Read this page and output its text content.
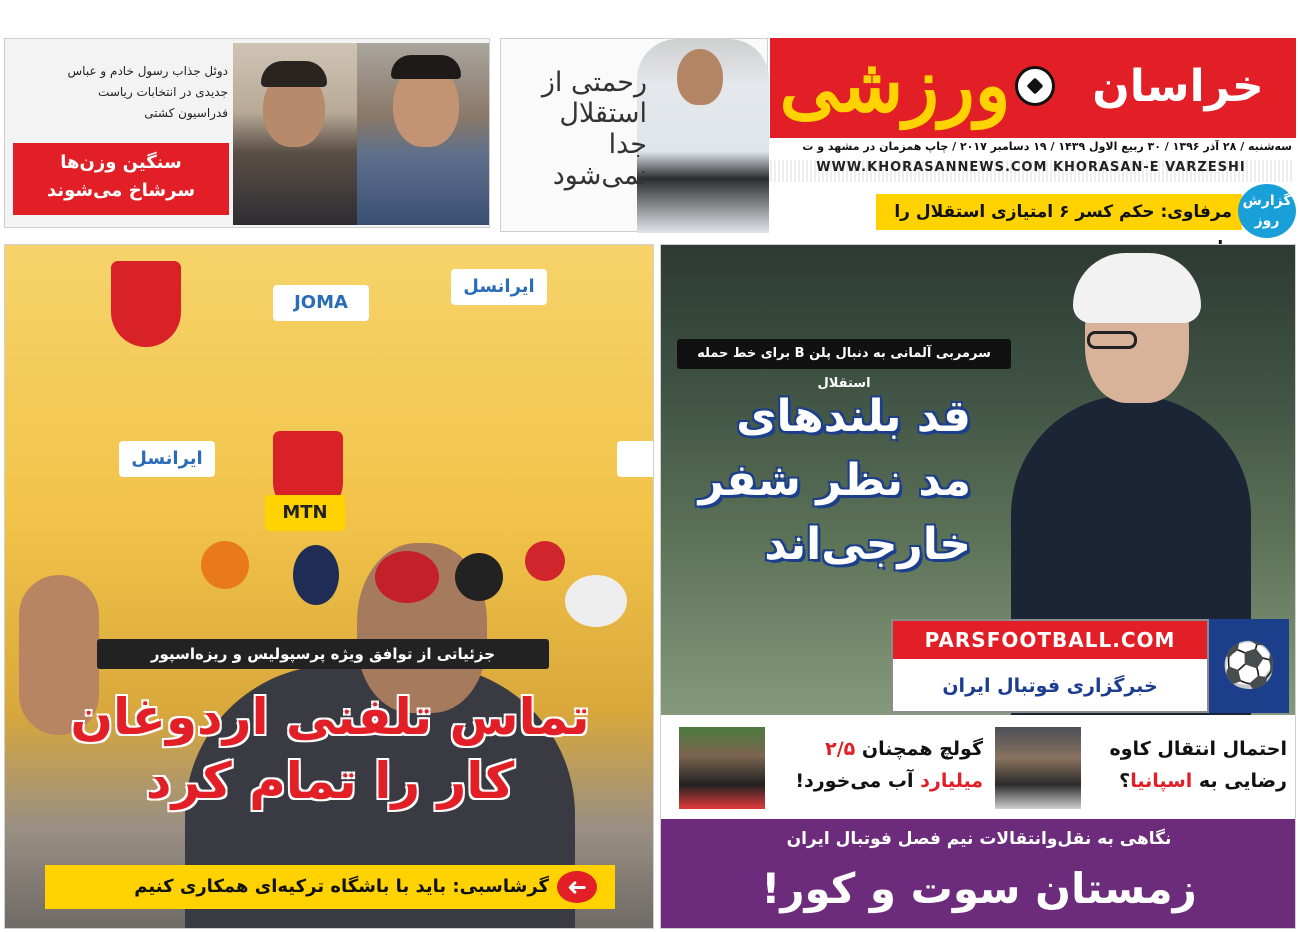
دوئل جذاب رسول خادم و عباس
جدیدی در انتخابات ریاست
فدراسیون کشتی
سنگین وزن‌ها
سرشاخ می‌شوند
رحمتی از
استقلال
جدا
نمی‌شود
ورزشی	خراسان
سه‌شنبه / ۲۸ آذر ۱۳۹۶ / ۳۰ ربیع الاول ۱۴۳۹ / ۱۹ دسامبر ۲۰۱۷ / چاپ همزمان در مشهد و ت
WWW.KHORASANNEWS.COM KHORASAN-E VARZESHI
مرفاوی: حکم کسر ۶ امتیازی استقلال را
گزارش روز
JOMA
ایرانسل
ایرانسل
MTN
جزئیاتی از توافق ویژه پرسپولیس و ریزه‌اسپور
تماس تلفنی اردوغان
کار را تمام کرد
گرشاسبی: باید با باشگاه ترکیه‌ای همکاری کنیم ➜
سرمربی آلمانی به دنبال پلن B برای خط حمله استقلال
قد بلندهای
مد نظر شفر
خارجی‌اند
PARSFOOTBALL.COM
خبرگزاری فوتبال ایران	⚽
احتمال انتقال کاوه
رضایی به اسپانیا؟
گولچ همچنان ۲/۵
میلیارد آب می‌خورد!
نگاهی به نقل‌وانتقالات نیم فصل فوتبال ایران
زمستان سوت و کور!
